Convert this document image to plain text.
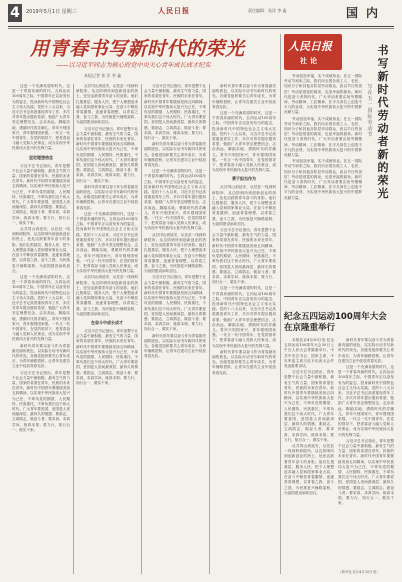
4	2019年5月1日 星期三	人民日报	责任编辑：张洋 李 鑫	国内
用青春书写新时代的荣光
——以习近平同志为核心的党中央关心青年成长成才纪实
本报记者 张 洋 李 鑫

这是一个充满希望的时代，这是一个青春奔涌的时代。五四运动100周年之际，中国青年正以奋发有为的姿态，投身新时代中国特色社会主义伟大实践。党的十八大以来，习近平总书记高度重视青年工作，多次对青年提出殷切希望，勉励广大青年坚定理想信念，志存高远，脚踏实地，勇做时代的弄潮儿。青年兴则国家兴，青年强则国家强。一代又一代中国青年，在党的领导下，把青春奋斗融入党和人民事业，成为实现中华民族伟大复兴的先锋力量。

坚定理想信念

习近平总书记指出，青年是整个社会力量中最积极、最有生气的力量，国家的希望在青年，民族的未来在青年。新时代中国青年要继续发扬五四精神，以实现中华民族伟大复兴为己任，不辜负党的期望、人民期待、民族重托，不辜负我们这个伟大时代。广大青年要爱国，爱国是人世间最深层、最持久的情感；要励志，立鸿鹄志，做奋斗者；要求真，求真学问，练真本领；要力行，知行合一、做实干家。

从井冈山到延安，从扶贫一线到科研院所，从边防哨所到创新创业的热土，处处活跃着青年奋斗的身影。他们扎根基层、服务人民，把个人理想追求融入党和国家事业大局，在奋斗中释放青春激情、追逐青春理想，以青春之我、奋斗之我，为民族复兴铺路架桥，为祖国建设添砖加瓦。

这是一个充满希望的时代，这是一个青春奔涌的时代。五四运动100周年之际，中国青年正以奋发有为的姿态，投身新时代中国特色社会主义伟大实践。党的十八大以来，习近平总书记高度重视青年工作，多次对青年提出殷切希望，勉励广大青年坚定理想信念，志存高远，脚踏实地，勇做时代的弄潮儿。青年兴则国家兴，青年强则国家强。一代又一代中国青年，在党的领导下，把青春奋斗融入党和人民事业，成为实现中华民族伟大复兴的先锋力量。

新时代青年要以奋斗作为青春最亮丽的底色，以实际行动书写新时代的荣光。各级党组织要关心青年成长，为青年铺路搭桥，让青年在建功立业中绽放青春光彩。

习近平总书记指出，青年是整个社会力量中最积极、最有生气的力量，国家的希望在青年，民族的未来在青年。新时代中国青年要继续发扬五四精神，以实现中华民族伟大复兴为己任，不辜负党的期望、人民期待、民族重托，不辜负我们这个伟大时代。广大青年要爱国，爱国是人世间最深层、最持久的情感；要励志，立鸿鹄志，做奋斗者；要求真，求真学问，练真本领；要力行，知行合一、做实干家。

从井冈山到延安，从扶贫一线到科研院所，从边防哨所到创新创业的热土，处处活跃着青年奋斗的身影。他们扎根基层、服务人民，把个人理想追求融入党和国家事业大局，在奋斗中释放青春激情、追逐青春理想，以青春之我、奋斗之我，为民族复兴铺路架桥，为祖国建设添砖加瓦。

习近平总书记指出，青年是整个社会力量中最积极、最有生气的力量，国家的希望在青年，民族的未来在青年。新时代中国青年要继续发扬五四精神，以实现中华民族伟大复兴为己任，不辜负党的期望、人民期待、民族重托，不辜负我们这个伟大时代。广大青年要爱国，爱国是人世间最深层、最持久的情感；要励志，立鸿鹄志，做奋斗者；要求真，求真学问，练真本领；要力行，知行合一、做实干家。

新时代青年要以奋斗作为青春最亮丽的底色，以实际行动书写新时代的荣光。各级党组织要关心青年成长，为青年铺路搭桥，让青年在建功立业中绽放青春光彩。

这是一个充满希望的时代，这是一个青春奔涌的时代。五四运动100周年之际，中国青年正以奋发有为的姿态，投身新时代中国特色社会主义伟大实践。党的十八大以来，习近平总书记高度重视青年工作，多次对青年提出殷切希望，勉励广大青年坚定理想信念，志存高远，脚踏实地，勇做时代的弄潮儿。青年兴则国家兴，青年强则国家强。一代又一代中国青年，在党的领导下，把青春奋斗融入党和人民事业，成为实现中华民族伟大复兴的先锋力量。

从井冈山到延安，从扶贫一线到科研院所，从边防哨所到创新创业的热土，处处活跃着青年奋斗的身影。他们扎根基层、服务人民，把个人理想追求融入党和国家事业大局，在奋斗中释放青春激情、追逐青春理想，以青春之我、奋斗之我，为民族复兴铺路架桥，为祖国建设添砖加瓦。

在奋斗中成长成才

习近平总书记指出，青年是整个社会力量中最积极、最有生气的力量，国家的希望在青年，民族的未来在青年。新时代中国青年要继续发扬五四精神，以实现中华民族伟大复兴为己任，不辜负党的期望、人民期待、民族重托，不辜负我们这个伟大时代。广大青年要爱国，爱国是人世间最深层、最持久的情感；要励志，立鸿鹄志，做奋斗者；要求真，求真学问，练真本领；要力行，知行合一、做实干家。

习近平总书记指出，青年是整个社会力量中最积极、最有生气的力量，国家的希望在青年，民族的未来在青年。新时代中国青年要继续发扬五四精神，以实现中华民族伟大复兴为己任，不辜负党的期望、人民期待、民族重托，不辜负我们这个伟大时代。广大青年要爱国，爱国是人世间最深层、最持久的情感；要励志，立鸿鹄志，做奋斗者；要求真，求真学问，练真本领；要力行，知行合一、做实干家。

新时代青年要以奋斗作为青春最亮丽的底色，以实际行动书写新时代的荣光。各级党组织要关心青年成长，为青年铺路搭桥，让青年在建功立业中绽放青春光彩。

这是一个充满希望的时代，这是一个青春奔涌的时代。五四运动100周年之际，中国青年正以奋发有为的姿态，投身新时代中国特色社会主义伟大实践。党的十八大以来，习近平总书记高度重视青年工作，多次对青年提出殷切希望，勉励广大青年坚定理想信念，志存高远，脚踏实地，勇做时代的弄潮儿。青年兴则国家兴，青年强则国家强。一代又一代中国青年，在党的领导下，把青春奋斗融入党和人民事业，成为实现中华民族伟大复兴的先锋力量。

从井冈山到延安，从扶贫一线到科研院所，从边防哨所到创新创业的热土，处处活跃着青年奋斗的身影。他们扎根基层、服务人民，把个人理想追求融入党和国家事业大局，在奋斗中释放青春激情、追逐青春理想，以青春之我、奋斗之我，为民族复兴铺路架桥，为祖国建设添砖加瓦。

习近平总书记指出，青年是整个社会力量中最积极、最有生气的力量，国家的希望在青年，民族的未来在青年。新时代中国青年要继续发扬五四精神，以实现中华民族伟大复兴为己任，不辜负党的期望、人民期待、民族重托，不辜负我们这个伟大时代。广大青年要爱国，爱国是人世间最深层、最持久的情感；要励志，立鸿鹄志，做奋斗者；要求真，求真学问，练真本领；要力行，知行合一、做实干家。

新时代青年要以奋斗作为青春最亮丽的底色，以实际行动书写新时代的荣光。各级党组织要关心青年成长，为青年铺路搭桥，让青年在建功立业中绽放青春光彩。

新时代青年要以奋斗作为青春最亮丽的底色，以实际行动书写新时代的荣光。各级党组织要关心青年成长，为青年铺路搭桥，让青年在建功立业中绽放青春光彩。

这是一个充满希望的时代，这是一个青春奔涌的时代。五四运动100周年之际，中国青年正以奋发有为的姿态，投身新时代中国特色社会主义伟大实践。党的十八大以来，习近平总书记高度重视青年工作，多次对青年提出殷切希望，勉励广大青年坚定理想信念，志存高远，脚踏实地，勇做时代的弄潮儿。青年兴则国家兴，青年强则国家强。一代又一代中国青年，在党的领导下，把青春奋斗融入党和人民事业，成为实现中华民族伟大复兴的先锋力量。

勇于担当作为

从井冈山到延安，从扶贫一线到科研院所，从边防哨所到创新创业的热土，处处活跃着青年奋斗的身影。他们扎根基层、服务人民，把个人理想追求融入党和国家事业大局，在奋斗中释放青春激情、追逐青春理想，以青春之我、奋斗之我，为民族复兴铺路架桥，为祖国建设添砖加瓦。

习近平总书记指出，青年是整个社会力量中最积极、最有生气的力量，国家的希望在青年，民族的未来在青年。新时代中国青年要继续发扬五四精神，以实现中华民族伟大复兴为己任，不辜负党的期望、人民期待、民族重托，不辜负我们这个伟大时代。广大青年要爱国，爱国是人世间最深层、最持久的情感；要励志，立鸿鹄志，做奋斗者；要求真，求真学问，练真本领；要力行，知行合一、做实干家。

这是一个充满希望的时代，这是一个青春奔涌的时代。五四运动100周年之际，中国青年正以奋发有为的姿态，投身新时代中国特色社会主义伟大实践。党的十八大以来，习近平总书记高度重视青年工作，多次对青年提出殷切希望，勉励广大青年坚定理想信念，志存高远，脚踏实地，勇做时代的弄潮儿。青年兴则国家兴，青年强则国家强。一代又一代中国青年，在党的领导下，把青春奋斗融入党和人民事业，成为实现中华民族伟大复兴的先锋力量。

新时代青年要以奋斗作为青春最亮丽的底色，以实际行动书写新时代的荣光。各级党组织要关心青年成长，为青年铺路搭桥，让青年在建功立业中绽放青春光彩。

人民日报
社论
书写新时代劳动者新的荣光
写在五一国际劳动节

劳动创造幸福，实干成就伟业。在五一国际劳动节到来之际，我们向全国各族工人、农民、知识分子和其他各阶层劳动群众，致以节日的祝贺！劳动是财富的源泉，也是幸福的源泉。新时代是奋斗者的时代，广大劳动者要弘扬劳模精神、劳动精神、工匠精神，在平凡岗位上创造不平凡的业绩，为实现中华民族伟大复兴的中国梦贡献力量。

劳动创造幸福，实干成就伟业。在五一国际劳动节到来之际，我们向全国各族工人、农民、知识分子和其他各阶层劳动群众，致以节日的祝贺！劳动是财富的源泉，也是幸福的源泉。新时代是奋斗者的时代，广大劳动者要弘扬劳模精神、劳动精神、工匠精神，在平凡岗位上创造不平凡的业绩，为实现中华民族伟大复兴的中国梦贡献力量。

劳动创造幸福，实干成就伟业。在五一国际劳动节到来之际，我们向全国各族工人、农民、知识分子和其他各阶层劳动群众，致以节日的祝贺！劳动是财富的源泉，也是幸福的源泉。新时代是奋斗者的时代，广大劳动者要弘扬劳模精神、劳动精神、工匠精神，在平凡岗位上创造不平凡的业绩，为实现中华民族伟大复兴的中国梦贡献力量。

纪念五四运动100周年大会在京隆重举行

本报北京4月30日电 纪念五四运动100周年大会30日上午在人民大会堂隆重举行。中共中央总书记、国家主席、中央军委主席习近平出席大会并发表重要讲话。

习近平总书记指出，青年是整个社会力量中最积极、最有生气的力量，国家的希望在青年，民族的未来在青年。新时代中国青年要继续发扬五四精神，以实现中华民族伟大复兴为己任，不辜负党的期望、人民期待、民族重托，不辜负我们这个伟大时代。广大青年要爱国，爱国是人世间最深层、最持久的情感；要励志，立鸿鹄志，做奋斗者；要求真，求真学问，练真本领；要力行，知行合一、做实干家。

从井冈山到延安，从扶贫一线到科研院所，从边防哨所到创新创业的热土，处处活跃着青年奋斗的身影。他们扎根基层、服务人民，把个人理想追求融入党和国家事业大局，在奋斗中释放青春激情、追逐青春理想，以青春之我、奋斗之我，为民族复兴铺路架桥，为祖国建设添砖加瓦。

新时代青年要以奋斗作为青春最亮丽的底色，以实际行动书写新时代的荣光。各级党组织要关心青年成长，为青年铺路搭桥，让青年在建功立业中绽放青春光彩。

这是一个充满希望的时代，这是一个青春奔涌的时代。五四运动100周年之际，中国青年正以奋发有为的姿态，投身新时代中国特色社会主义伟大实践。党的十八大以来，习近平总书记高度重视青年工作，多次对青年提出殷切希望，勉励广大青年坚定理想信念，志存高远，脚踏实地，勇做时代的弄潮儿。青年兴则国家兴，青年强则国家强。一代又一代中国青年，在党的领导下，把青春奋斗融入党和人民事业，成为实现中华民族伟大复兴的先锋力量。

习近平总书记指出，青年是整个社会力量中最积极、最有生气的力量，国家的希望在青年，民族的未来在青年。新时代中国青年要继续发扬五四精神，以实现中华民族伟大复兴为己任，不辜负党的期望、人民期待、民族重托，不辜负我们这个伟大时代。广大青年要爱国，爱国是人世间最深层、最持久的情感；要励志，立鸿鹄志，做奋斗者；要求真，求真学问，练真本领；要力行，知行合一、做实干家。

（新华社北京4月30日电）
